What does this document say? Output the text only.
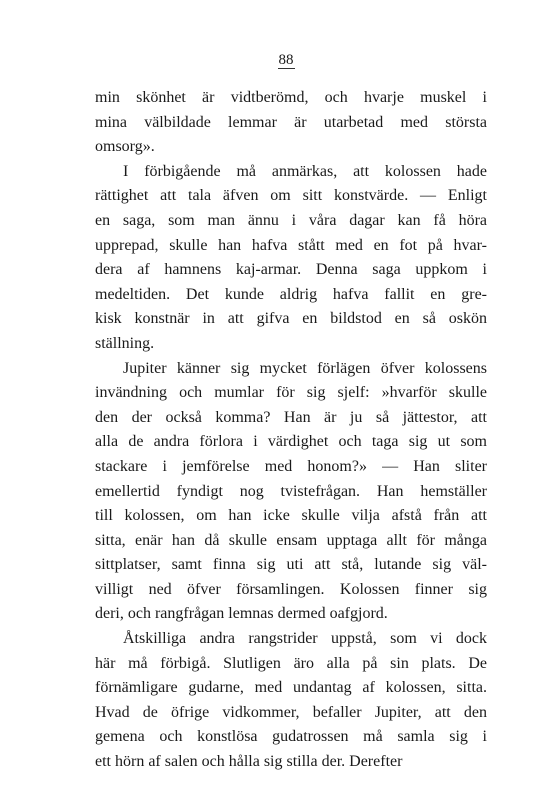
88
min skönhet är vidtberömd, och hvarje muskel i
mina välbildade lemmar är utarbetad med största
omsorg».
I förbigående må anmärkas, att kolossen hade
rättighet att tala äfven om sitt konstvärde. — Enligt
en saga, som man ännu i våra dagar kan få höra
upprepad, skulle han hafva stått med en fot på hvar-
dera af hamnens kaj-armar. Denna saga uppkom i
medeltiden. Det kunde aldrig hafva fallit en gre-
kisk konstnär in att gifva en bildstod en så oskön
ställning.
Jupiter känner sig mycket förlägen öfver kolossens
invändning och mumlar för sig sjelf: »hvarför skulle
den der också komma? Han är ju så jättestor, att
alla de andra förlora i värdighet och taga sig ut som
stackare i jemförelse med honom?» — Han sliter
emellertid fyndigt nog tvistefrågan. Han hemställer
till kolossen, om han icke skulle vilja afstå från att
sitta, enär han då skulle ensam upptaga allt för många
sittplatser, samt finna sig uti att stå, lutande sig väl-
villigt ned öfver församlingen. Kolossen finner sig
deri, och rangfrågan lemnas dermed oafgjord.
Åtskilliga andra rangstrider uppstå, som vi dock
här må förbigå. Slutligen äro alla på sin plats. De
förnämligare gudarne, med undantag af kolossen, sitta.
Hvad de öfrige vidkommer, befaller Jupiter, att den
gemena och konstlösa gudatrossen må samla sig i
ett hörn af salen och hålla sig stilla der. Derefter
